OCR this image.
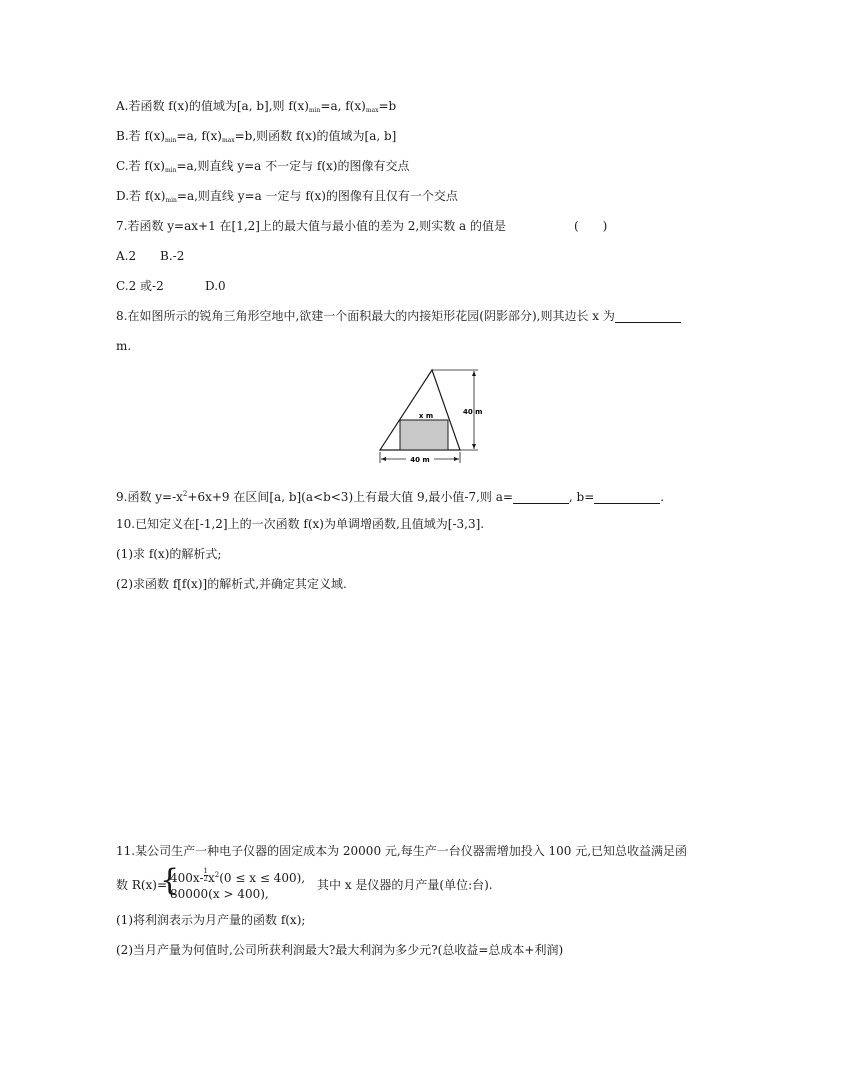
A.若函数 f(x)的值域为[a, b],则 $f(x)_{min}=a$, $f(x)_{max}=b$
B.若 $f(x)_{min}=a$, $f(x)_{max}=b$,则函数 f(x)的值域为[a, b]
C.若 $f(x)_{min}=a$,则直线 y=a 不一定与 f(x)的图像有交点
D.若 $f(x)_{min}=a$,则直线 y=a 一定与 f(x)的图像有且仅有一个交点
7.若函数 y=ax+1 在[1,2]上的最大值与最小值的差为 2,则实数 a 的值是	(　　)
A.2 B.-2
C.2 或-2	D.0
8.在如图所示的锐角三角形空地中,欲建一个面积最大的内接矩形花园(阴影部分),则其边长 x 为
m.
x m	40 m
40 m
9.函数 $y=-x^2+6x+9$ 在区间[a, b](a<b<3)上有最大值 9,最小值-7,则 a=	, b=	.
10.已知定义在[-1,2]上的一次函数 f(x)为单调增函数,且值域为[-3,3].
(1)求 f(x)的解析式;
(2)求函数 f[f(x)]的解析式,并确定其定义域.
11.某公司生产一种电子仪器的固定成本为 20000 元,每生产一台仪器需增加投入 100 元,已知总收益满足函
数 R(x)=
{
$400x- \frac{1}{2} x^2(0 \le x \le 400)$,
80000(x > 400),
其中 x 是仪器的月产量(单位:台).
(1)将利润表示为月产量的函数 f(x);
(2)当月产量为何值时,公司所获利润最大?最大利润为多少元?(总收益=总成本+利润)
